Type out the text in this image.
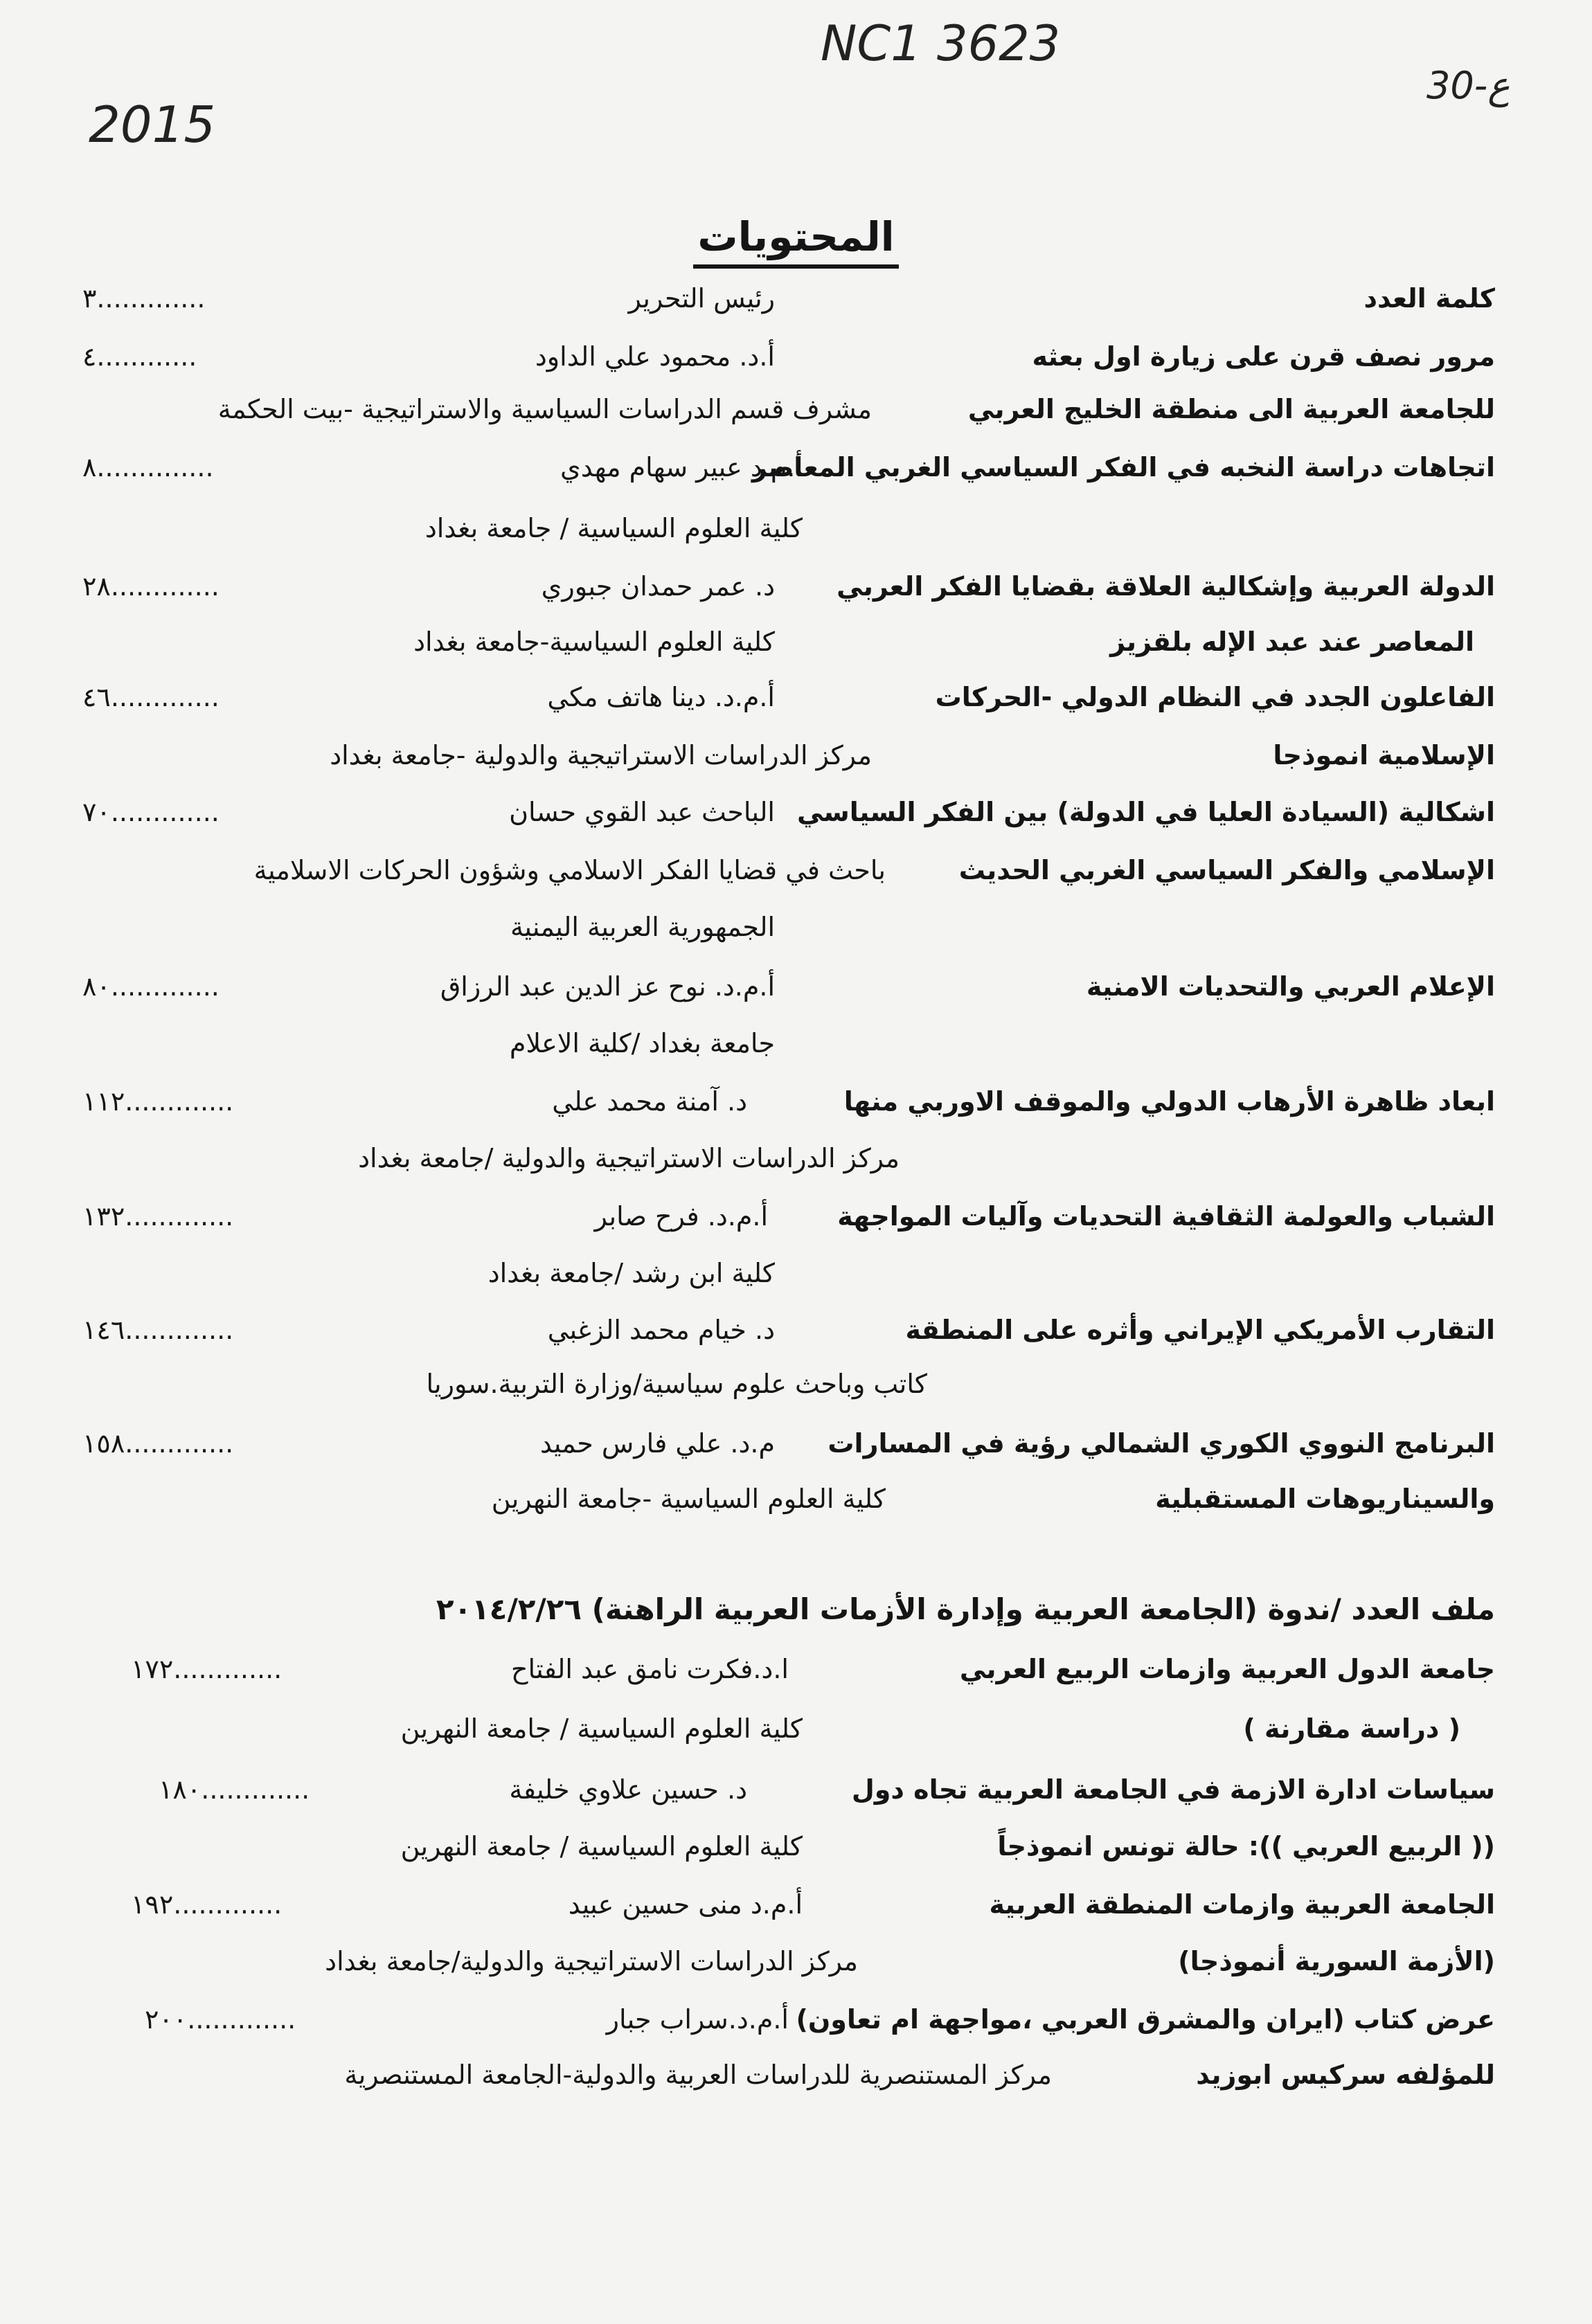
NC1 3623
30-ع
2015
المحتويات
كلمة العدد
رئيس التحرير
.............٣
مرور نصف قرن على زيارة اول بعثه
أ.د. محمود علي الداود
............٤
للجامعة العربية الى منطقة الخليج العربي
مشرف قسم الدراسات السياسية والاستراتيجية -بيت الحكمة
اتجاهات دراسة النخبه في الفكر السياسي الغربي المعاصر
أ.م.د عبير سهام مهدي
..............٨
كلية العلوم السياسية / جامعة بغداد
الدولة العربية وإشكالية العلاقة بقضايا الفكر العربي
د. عمر حمدان جبوري
.............٢٨
المعاصر عند عبد الإله بلقزيز
كلية العلوم السياسية-جامعة بغداد
الفاعلون الجدد في النظام الدولي -الحركات
أ.م.د. دينا هاتف مكي
.............٤٦
الإسلامية انموذجا
مركز الدراسات الاستراتيجية والدولية -جامعة بغداد
اشكالية (السيادة العليا في الدولة) بين الفكر السياسي
الباحث عبد القوي حسان
.............٧٠
الإسلامي والفكر السياسي الغربي الحديث
باحث في قضايا الفكر الاسلامي وشؤون الحركات الاسلامية
الجمهورية العربية اليمنية
الإعلام العربي والتحديات الامنية
أ.م.د. نوح عز الدين عبد الرزاق
.............٨٠
جامعة بغداد /كلية الاعلام
ابعاد ظاهرة الأرهاب الدولي والموقف الاوربي منها
د. آمنة محمد علي
.............١١٢
مركز الدراسات الاستراتيجية والدولية /جامعة بغداد
الشباب والعولمة الثقافية التحديات وآليات المواجهة
أ.م.د. فرح صابر
.............١٣٢
كلية ابن رشد /جامعة بغداد
التقارب الأمريكي الإيراني وأثره على المنطقة
د. خيام محمد الزغبي
.............١٤٦
كاتب وباحث علوم سياسية/وزارة التربية.سوريا
البرنامج النووي الكوري الشمالي رؤية في المسارات
م.د. علي فارس حميد
.............١٥٨
والسيناريوهات المستقبلية
كلية العلوم السياسية -جامعة النهرين
ملف العدد /ندوة (الجامعة العربية وإدارة الأزمات العربية الراهنة) ٢٠١٤/٢/٢٦
جامعة الدول العربية وازمات الربيع العربي
ا.د.فكرت نامق عبد الفتاح
.............١٧٢
( دراسة مقارنة )
كلية العلوم السياسية / جامعة النهرين
سياسات ادارة الازمة في الجامعة العربية تجاه دول
د. حسين علاوي خليفة
.............١٨٠
(( الربيع العربي )): حالة تونس انموذجاً
كلية العلوم السياسية / جامعة النهرين
الجامعة العربية وازمات المنطقة العربية
أ.م.د منى حسين عبيد
.............١٩٢
(الأزمة السورية أنموذجا)
مركز الدراسات الاستراتيجية والدولية/جامعة بغداد
عرض كتاب (ايران والمشرق العربي ،مواجهة ام تعاون)
أ.م.د.سراب جبار
.............٢٠٠
للمؤلفه سركيس ابوزيد
مركز المستنصرية للدراسات العربية والدولية-الجامعة المستنصرية
